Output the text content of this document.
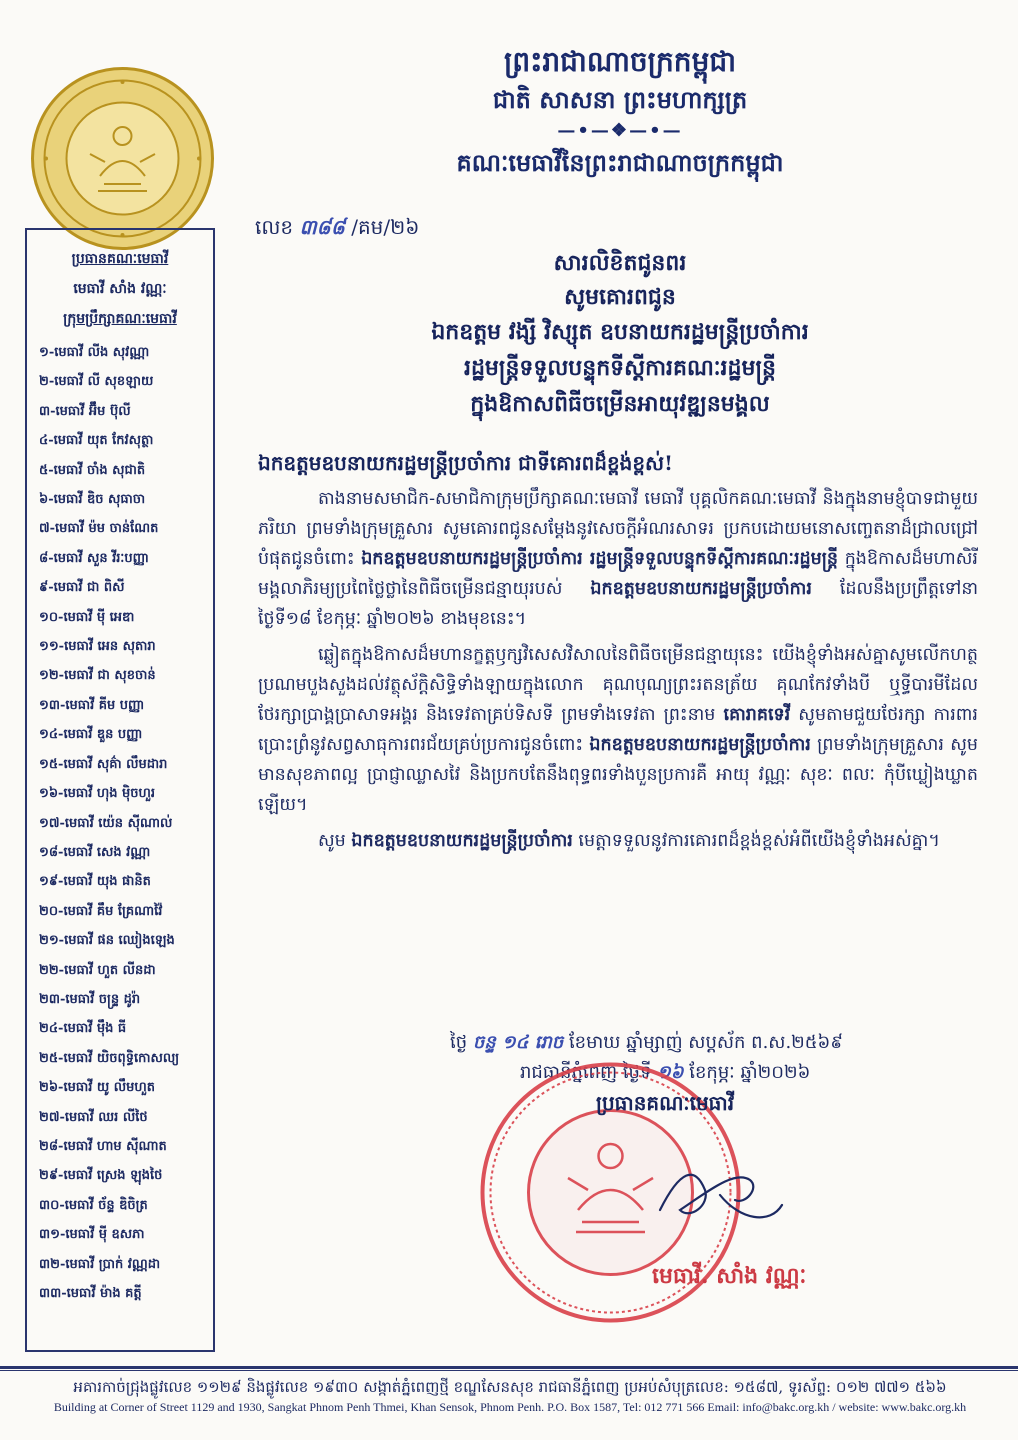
ព្រះរាជាណាចក្រកម្ពុជា
ជាតិ សាសនា ព្រះមហាក្សត្រ
—•—❖—•—
គណៈមេធាវីនៃព្រះរាជាណាចក្រកម្ពុជា
ប្រធានគណៈមេធាវី
មេធាវី សាំង វណ្ណៈ
ក្រុមប្រឹក្សាគណៈមេធាវី
១-មេធាវី លីង សុវណ្ណា
២-មេធាវី លី សុខឡាយ
៣-មេធាវី អ៊ឹម ប៊ុលី
៤-មេធាវី យុត កែវសុត្ថា
៥-មេធាវី ចាំង សុជាតិ
៦-មេធាវី ឌិច សុធាចា
៧-មេធាវី ម៉ម ចាន់ណែត
៨-មេធាវី សួន វីរៈបញ្ញា
៩-មេធាវី ជា ពិសី
១០-មេធាវី ម៉ី អេឌា
១១-មេធាវី អេន សុតារា
១២-មេធាវី ជា សុខចាន់
១៣-មេធាវី គីម បញ្ញា
១៤-មេធាវី ឌួន បញ្ញា
១៥-មេធាវី សុគ៌ា លឹមដារា
១៦-មេធាវី ហុង ម៉ិចហួរ
១៧-មេធាវី យ៉េន ស៊ីណាល់
១៨-មេធាវី សេង វណ្ណា
១៩-មេធាវី យុង ផានិត
២០-មេធាវី គឹម គ្រែណាវ៉ៃ
២១-មេធាវី ផន ឈៀងឡេង
២២-មេធាវី ហួត លីនដា
២៣-មេធាវី ចន្ទ្រ ដូរ៉ា
២៤-មេធាវី ម៉ឹង ធី
២៥-មេធាវី យិចពុទ្ធិកោសល្យ
២៦-មេធាវី យូ លឹមហួត
២៧-មេធាវី ឈរ លីថៃ
២៨-មេធាវី ហាម ស៊ីណាត
២៩-មេធាវី ស្រេង ឡុងថៃ
៣០-មេធាវី ច័ន្ទ ឌិចិត្រ
៣១-មេធាវី ម៉ី ឧសភា
៣២-មេធាវី ប្រាក់ វណ្ណដា
៣៣-មេធាវី ម៉ាង គត្តី
លេខ ៣៨៨ /គម/២៦
សារលិខិតជូនពរ
សូមគោរពជូន
ឯកឧត្តម វង្សី វិស្សុត ឧបនាយករដ្ឋមន្ត្រីប្រចាំការ
រដ្ឋមន្ត្រីទទួលបន្ទុកទីស្តីការគណៈរដ្ឋមន្ត្រី
ក្នុងឱកាសពិធីចម្រើនអាយុវឌ្ឍនមង្គល
ឯកឧត្តមឧបនាយករដ្ឋមន្ត្រីប្រចាំការ ជាទីគោរពដ៏ខ្ពង់ខ្ពស់!

តាងនាមសមាជិក-សមាជិកាក្រុមប្រឹក្សាគណៈមេធាវី មេធាវី បុគ្គលិកគណៈមេធាវី និងក្នុងនាមខ្ញុំបាទជាមួយភរិយា ព្រមទាំងក្រុមគ្រួសារ សូមគោរពជូនសម្តែងនូវសេចក្តីអំណរសាទរ ប្រកបដោយមនោសញ្ចេតនាដ៏ជ្រាលជ្រៅបំផុតជូនចំពោះ ឯកឧត្តមឧបនាយករដ្ឋមន្ត្រីប្រចាំការ រដ្ឋមន្ត្រីទទួលបន្ទុកទីស្តីការគណៈរដ្ឋមន្ត្រី ក្នុងឱកាសដ៏មហាសិរីមង្គលាភិរម្យប្រពៃថ្លៃថ្លានៃពិធីចម្រើនជន្មាយុរបស់ ឯកឧត្តមឧបនាយករដ្ឋមន្ត្រីប្រចាំការ ដែលនឹងប្រព្រឹត្តទៅនាថ្ងៃទី១៨ ខែកុម្ភៈ ឆ្នាំ២០២៦ ខាងមុខនេះ។

ឆ្លៀតក្នុងឱកាសដ៏មហានក្ខត្តឫក្សវិសេសវិសាលនៃពិធីចម្រើនជន្មាយុនេះ យើងខ្ញុំទាំងអស់គ្នាសូមលើកហត្ថប្រណមបួងសួងដល់វត្ថុស័ក្តិសិទ្ធិទាំងឡាយក្នុងលោក គុណបុណ្យព្រះរតនត្រ័យ គុណកែវទាំងបី ឬទ្ធីបារមីដែលថែរក្សាប្រាង្គប្រាសាទអង្គរ និងទេវតាគ្រប់ទិសទី ព្រមទាំងទេវតា ព្រះនាម គោរាគទេវី សូមតាមជួយថែរក្សា ការពារ ប្រោះព្រំនូវសព្វសាធុការពរជ័យគ្រប់ប្រការជូនចំពោះ ឯកឧត្តមឧបនាយករដ្ឋមន្ត្រីប្រចាំការ ព្រមទាំងក្រុមគ្រួសារ សូមមានសុខភាពល្អ ប្រាជ្ញាឈ្លាសវៃ និងប្រកបតែនឹងពុទ្ធពរទាំងបួនប្រការគឺ អាយុ វណ្ណៈ សុខៈ ពលៈ កុំបីឃ្លៀងឃ្លាតឡើយ។

សូម ឯកឧត្តមឧបនាយករដ្ឋមន្ត្រីប្រចាំការ មេត្តាទទួលនូវការគោរពដ៏ខ្ពង់ខ្ពស់អំពីយើងខ្ញុំទាំងអស់គ្នា។

ថ្ងៃ ចន្ទ ១៤ រោច ខែមាឃ ឆ្នាំម្សាញ់ សប្តស័ក ព.ស.២៥៦៩
រាជធានីភ្នំពេញ ថ្ងៃទី ១៦ ខែកុម្ភៈ ឆ្នាំ២០២៦
ប្រធានគណៈមេធាវី
មេធាវី. សាំង វណ្ណៈ
អគារកាច់ជ្រុងផ្លូវលេខ ១១២៩ និងផ្លូវលេខ ១៩៣០ សង្កាត់ភ្នំពេញថ្មី ខណ្ឌសែនសុខ រាជធានីភ្នំពេញ ប្រអប់សំបុត្រលេខ: ១៥៨៧, ទូរស័ព្ទ: ០១២ ៧៧១ ៥៦៦
Building at Corner of Street 1129 and 1930, Sangkat Phnom Penh Thmei, Khan Sensok, Phnom Penh. P.O. Box 1587, Tel: 012 771 566 Email: info@bakc.org.kh / website: www.bakc.org.kh
